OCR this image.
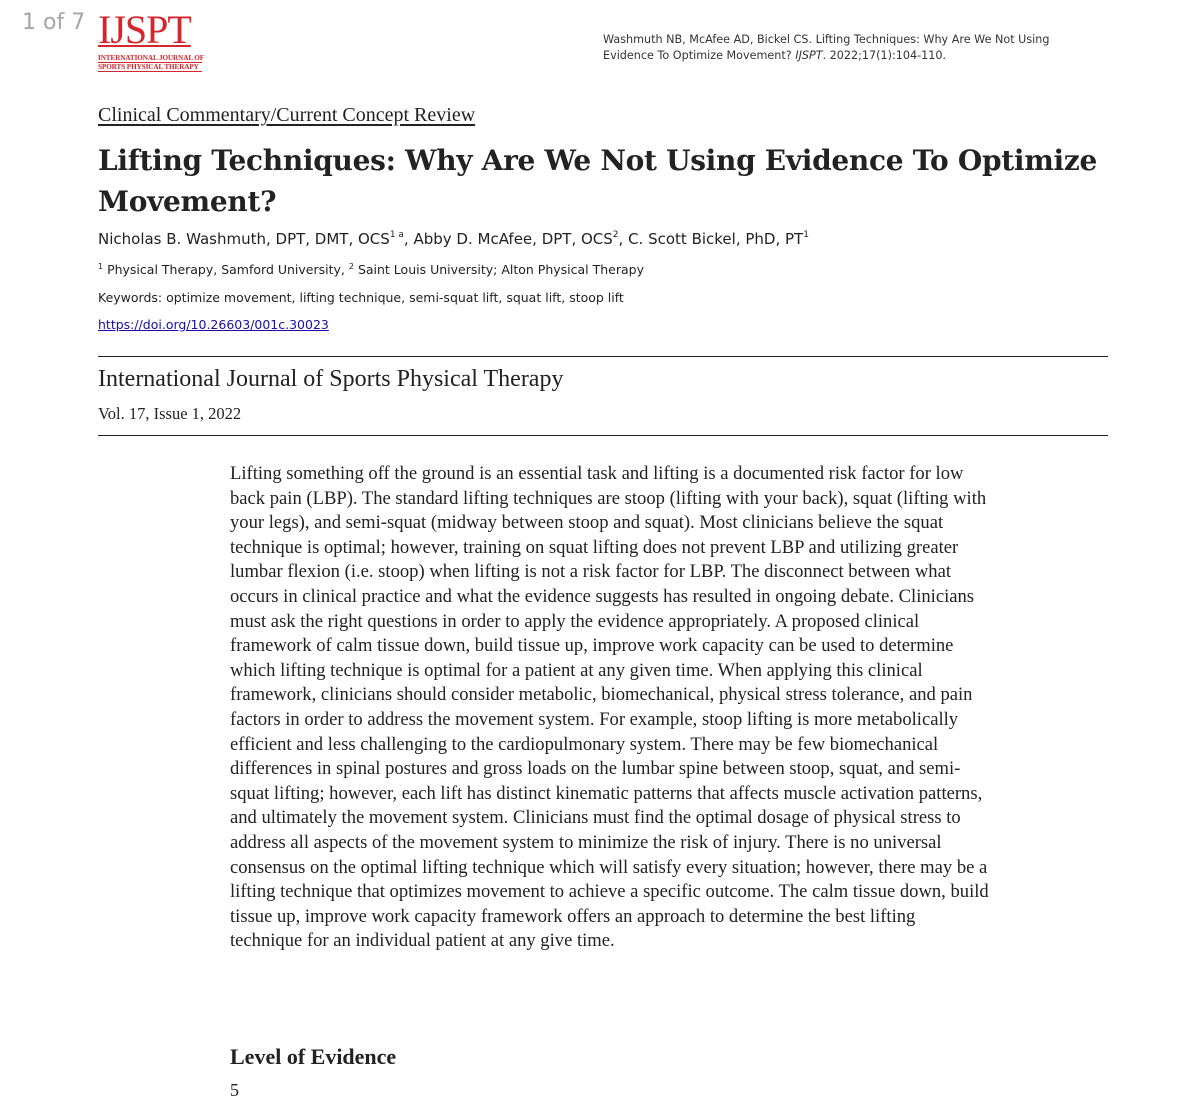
1 of 7 IJSPT
INTERNATIONAL JOURNAL OF
SPORTS PHYSICAL THERAPY
Washmuth NB, McAfee AD, Bickel CS. Lifting Techniques: Why Are We Not Using Evidence To Optimize Movement? IJSPT. 2022;17(1):104-110.
Clinical Commentary/Current Concept Review
Lifting Techniques: Why Are We Not Using Evidence To Optimize Movement?
Nicholas B. Washmuth, DPT, DMT, $OCS^{1 a}$, Abby D. McAfee, DPT, OCS$^2$, C. Scott Bickel, PhD, $PT^1$
$^1$ Physical Therapy, Samford University, $^2$ Saint Louis University; Alton Physical Therapy
Keywords: optimize movement, lifting technique, semi-squat lift, squat lift, stoop lift
https://doi.org/10.26603/001c.30023
International Journal of Sports Physical Therapy
Vol. 17, Issue 1, 2022

Lifting something off the ground is an essential task and lifting is a documented risk factor for low back pain (LBP). The standard lifting techniques are stoop (lifting with your back), squat (lifting with your legs), and semi-squat (midway between stoop and squat). Most clinicians believe the squat technique is optimal; however, training on squat lifting does not prevent LBP and utilizing greater lumbar flexion (i.e. stoop) when lifting is not a risk factor for LBP. The disconnect between what occurs in clinical practice and what the evidence suggests has resulted in ongoing debate. Clinicians must ask the right questions in order to apply the evidence appropriately. A proposed clinical framework of calm tissue down, build tissue up, improve work capacity can be used to determine which lifting technique is optimal for a patient at any given time. When applying this clinical framework, clinicians should consider metabolic, biomechanical, physical stress tolerance, and pain factors in order to address the movement system. For example, stoop lifting is more metabolically efficient and less challenging to the cardiopulmonary system. There may be few biomechanical differences in spinal postures and gross loads on the lumbar spine between stoop, squat, and semi-squat lifting; however, each lift has distinct kinematic patterns that affects muscle activation patterns, and ultimately the movement system. Clinicians must find the optimal dosage of physical stress to address all aspects of the movement system to minimize the risk of injury. There is no universal consensus on the optimal lifting technique which will satisfy every situation; however, there may be a lifting technique that optimizes movement to achieve a specific outcome. The calm tissue down, build tissue up, improve work capacity framework offers an approach to determine the best lifting technique for an individual patient at any give time.

Level of Evidence
5
